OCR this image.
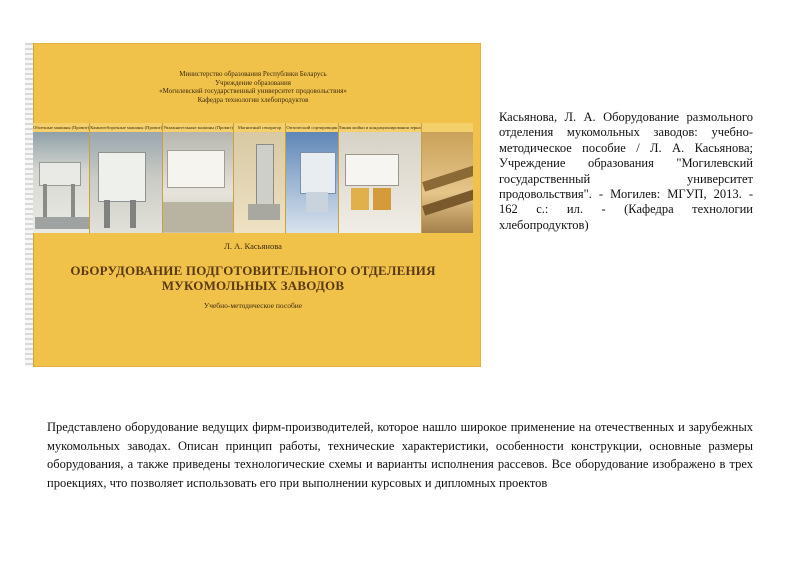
Министерство образования Республики Беларусь
Учреждение образования
«Могилевский государственный университет продовольствия»
Кафедра технологии хлебопродуктов
Обоечные машины (Провит) Камнеотборочные машины (Провит) Увлажнительные машины (Провит)	Магнитный сепаратор	Оптический сортировщик Линия мойки и кондиционирования зерна
Л. А. Касьянова
ОБОРУДОВАНИЕ ПОДГОТОВИТЕЛЬНОГО ОТДЕЛЕНИЯ
МУКОМОЛЬНЫХ ЗАВОДОВ
Учебно-методическое пособие
Касьянова, Л. А. Оборудование размольного отделения мукомольных заводов: учебно-методическое пособие / Л. А. Касьянова; Учреждение образования "Могилевский государственный университет продовольствия". - Могилев: МГУП, 2013. - 162 с.: ил. - (Кафедра технологии хлебопродуктов)
Представлено оборудование ведущих фирм-производителей, которое нашло широкое применение на отечественных и зарубежных мукомольных заводах. Описан принцип работы, технические характеристики, особенности конструкции, основные размеры оборудования, а также приведены технологические схемы и варианты исполнения рассевов. Все оборудование изображено в трех проекциях, что позволяет использовать его при выполнении курсовых и дипломных проектов
